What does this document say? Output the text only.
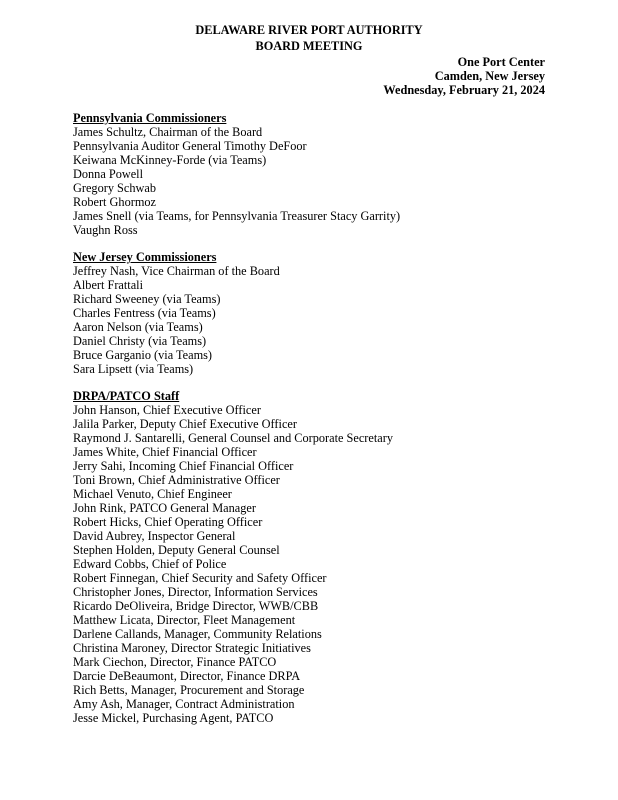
DELAWARE RIVER PORT AUTHORITY
BOARD MEETING
One Port Center
Camden, New Jersey
Wednesday, February 21, 2024
Pennsylvania Commissioners
James Schultz, Chairman of the Board
Pennsylvania Auditor General Timothy DeFoor
Keiwana McKinney-Forde (via Teams)
Donna Powell
Gregory Schwab
Robert Ghormoz
James Snell (via Teams, for Pennsylvania Treasurer Stacy Garrity)
Vaughn Ross
New Jersey Commissioners
Jeffrey Nash, Vice Chairman of the Board
Albert Frattali
Richard Sweeney (via Teams)
Charles Fentress (via Teams)
Aaron Nelson (via Teams)
Daniel Christy (via Teams)
Bruce Garganio (via Teams)
Sara Lipsett (via Teams)
DRPA/PATCO Staff
John Hanson, Chief Executive Officer
Jalila Parker, Deputy Chief Executive Officer
Raymond J. Santarelli, General Counsel and Corporate Secretary
James White, Chief Financial Officer
Jerry Sahi, Incoming Chief Financial Officer
Toni Brown, Chief Administrative Officer
Michael Venuto, Chief Engineer
John Rink, PATCO General Manager
Robert Hicks, Chief Operating Officer
David Aubrey, Inspector General
Stephen Holden, Deputy General Counsel
Edward Cobbs, Chief of Police
Robert Finnegan, Chief Security and Safety Officer
Christopher Jones, Director, Information Services
Ricardo DeOliveira, Bridge Director, WWB/CBB
Matthew Licata, Director, Fleet Management
Darlene Callands, Manager, Community Relations
Christina Maroney, Director Strategic Initiatives
Mark Ciechon, Director, Finance PATCO
Darcie DeBeaumont, Director, Finance DRPA
Rich Betts, Manager, Procurement and Storage
Amy Ash, Manager, Contract Administration
Jesse Mickel, Purchasing Agent, PATCO
